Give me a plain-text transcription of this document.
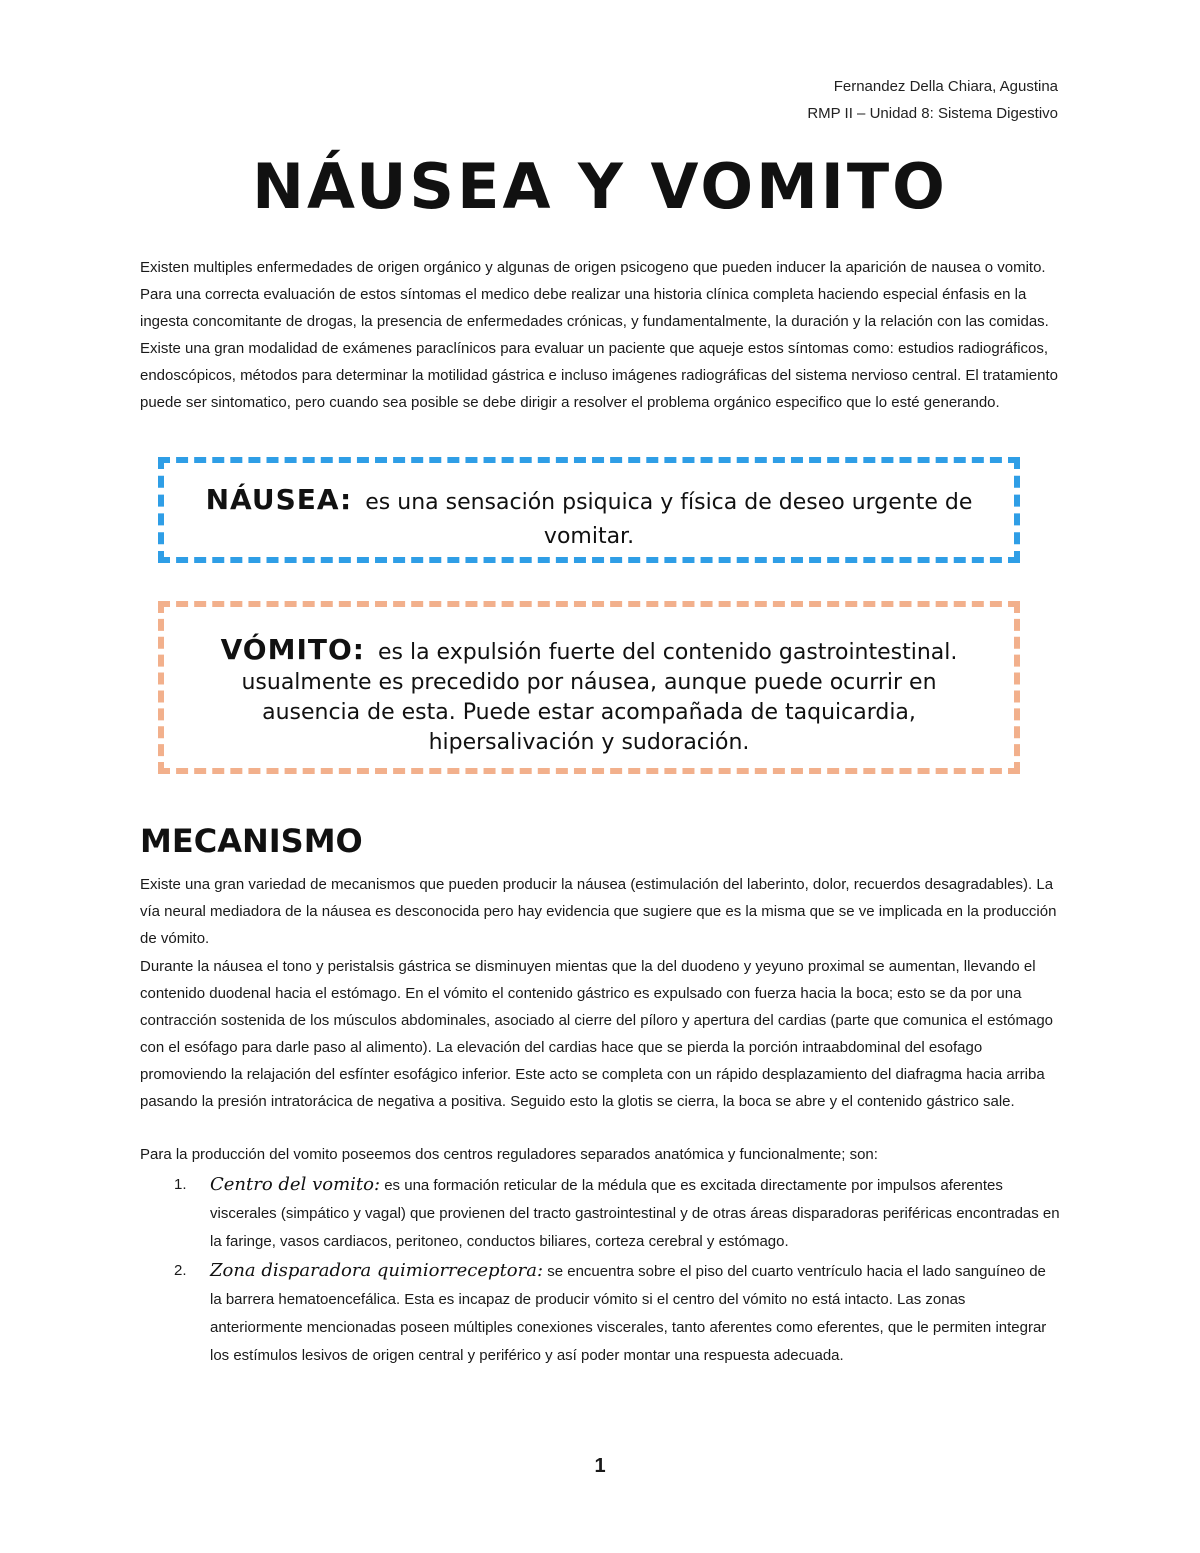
Fernandez Della Chiara, Agustina
RMP II – Unidad 8: Sistema Digestivo
NÁUSEA Y VOMITO
Existen multiples enfermedades de origen orgánico y algunas de origen psicogeno que pueden inducer la aparición de nausea o vomito. Para una correcta evaluación de estos síntomas el medico debe realizar una historia clínica completa haciendo especial énfasis en la ingesta concomitante de drogas, la presencia de enfermedades crónicas, y fundamentalmente, la duración y la relación con las comidas. Existe una gran modalidad de exámenes paraclínicos para evaluar un paciente que aqueje estos síntomas como: estudios radiográficos, endoscópicos, métodos para determinar la motilidad gástrica e incluso imágenes radiográficas del sistema nervioso central. El tratamiento puede ser sintomatico, pero cuando sea posible se debe dirigir a resolver el problema orgánico especifico que lo esté generando.
NÁUSEA: es una sensación psiquica y física de deseo urgente de vomitar.
VÓMITO: es la expulsión fuerte del contenido gastrointestinal. usualmente es precedido por náusea, aunque puede ocurrir en ausencia de esta. Puede estar acompañada de taquicardia, hipersalivación y sudoración.
MECANISMO
Existe una gran variedad de mecanismos que pueden producir la náusea (estimulación del laberinto, dolor, recuerdos desagradables). La vía neural mediadora de la náusea es desconocida pero hay evidencia que sugiere que es la misma que se ve implicada en la producción de vómito.
Durante la náusea el tono y peristalsis gástrica se disminuyen mientas que la del duodeno y yeyuno proximal se aumentan, llevando el contenido duodenal hacia el estómago. En el vómito el contenido gástrico es expulsado con fuerza hacia la boca; esto se da por una contracción sostenida de los músculos abdominales, asociado al cierre del píloro y apertura del cardias (parte que comunica el estómago con el esófago para darle paso al alimento). La elevación del cardias hace que se pierda la porción intraabdominal del esofago promoviendo la relajación del esfínter esofágico inferior. Este acto se completa con un rápido desplazamiento del diafragma hacia arriba pasando la presión intratorácica de negativa a positiva. Seguido esto la glotis se cierra, la boca se abre y el contenido gástrico sale.
Para la producción del vomito poseemos dos centros reguladores separados anatómica y funcionalmente; son:
1. Centro del vomito: es una formación reticular de la médula que es excitada directamente por impulsos aferentes viscerales (simpático y vagal) que provienen del tracto gastrointestinal y de otras áreas disparadoras periféricas encontradas en la faringe, vasos cardiacos, peritoneo, conductos biliares, corteza cerebral y estómago.
2. Zona disparadora quimiorreceptora: se encuentra sobre el piso del cuarto ventrículo hacia el lado sanguíneo de la barrera hematoencefálica. Esta es incapaz de producir vómito si el centro del vómito no está intacto. Las zonas anteriormente mencionadas poseen múltiples conexiones viscerales, tanto aferentes como eferentes, que le permiten integrar los estímulos lesivos de origen central y periférico y así poder montar una respuesta adecuada.
1
